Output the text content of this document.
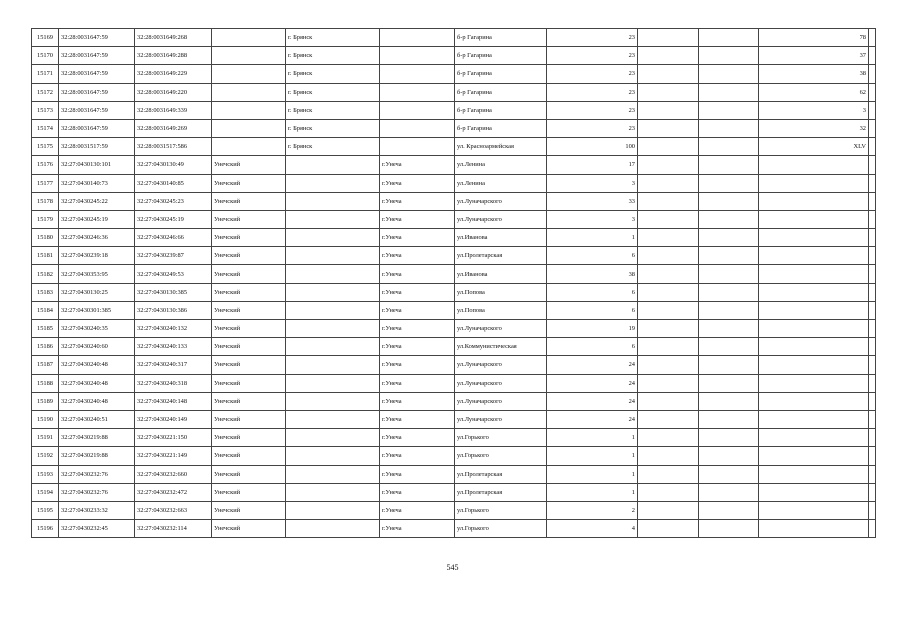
15169	32:28:0031647:59	32:28:0031649:268		г. Брянск		б-р Гагарина	23			78	
15170	32:28:0031647:59	32:28:0031649:288		г. Брянск		б-р Гагарина	23			37	
15171	32:28:0031647:59	32:28:0031649:229		г. Брянск		б-р Гагарина	23			38	
15172	32:28:0031647:59	32:28:0031649:220		г. Брянск		б-р Гагарина	23			62	
15173	32:28:0031647:59	32:28:0031649:339		г. Брянск		б-р Гагарина	23			3	
15174	32:28:0031647:59	32:28:0031649:269		г. Брянск		б-р Гагарина	23			32	
15175	32:28:0031517:59	32:28:0031517:586		г. Брянск		ул. Красноармейская	100			XLV	
15176	32:27:0430130:101	32:27:0430130:49	Унечский		г.Унеча	ул.Ленина	17				
15177	32:27:0430140:73	32:27:0430140:85	Унечский		г.Унеча	ул.Ленина	3				
15178	32:27:0430245:22	32:27:0430245:23	Унечский		г.Унеча	ул.Луначарского	33				
15179	32:27:0430245:19	32:27:0430245:19	Унечский		г.Унеча	ул.Луначарского	3				
15180	32:27:0430246:36	32:27:0430246:66	Унечский		г.Унеча	ул.Иванова	1				
15181	32:27:0430239:18	32:27:0430239:87	Унечский		г.Унеча	ул.Пролетарская	6				
15182	32:27:0430353:95	32:27:0430249:53	Унечский		г.Унеча	ул.Иванова	38				
15183	32:27:0430130:25	32:27:0430130:385	Унечский		г.Унеча	ул.Попова	6				
15184	32:27:0430301:385	32:27:0430130:386	Унечский		г.Унеча	ул.Попова	6				
15185	32:27:0430240:35	32:27:0430240:132	Унечский		г.Унеча	ул.Луначарского	19				
15186	32:27:0430240:60	32:27:0430240:133	Унечский		г.Унеча	ул.Коммунистическая	6				
15187	32:27:0430240:48	32:27:0430240:317	Унечский		г.Унеча	ул.Луначарского	24				
15188	32:27:0430240:48	32:27:0430240:318	Унечский		г.Унеча	ул.Луначарского	24				
15189	32:27:0430240:48	32:27:0430240:148	Унечский		г.Унеча	ул.Луначарского	24				
15190	32:27:0430240:51	32:27:0430240:149	Унечский		г.Унеча	ул.Луначарского	24				
15191	32:27:0430219:88	32:27:0430221:150	Унечский		г.Унеча	ул.Горького	1				
15192	32:27:0430219:88	32:27:0430221:149	Унечский		г.Унеча	ул.Горького	1				
15193	32:27:0430232:76	32:27:0430232:660	Унечский		г.Унеча	ул.Пролетарская	1				
15194	32:27:0430232:76	32:27:0430232:472	Унечский		г.Унеча	ул.Пролетарская	1				
15195	32:27:0430233:32	32:27:0430232:663	Унечский		г.Унеча	ул.Горького	2				
15196	32:27:0430232:45	32:27:0430232:114	Унечский		г.Унеча	ул.Горького	4				
545
